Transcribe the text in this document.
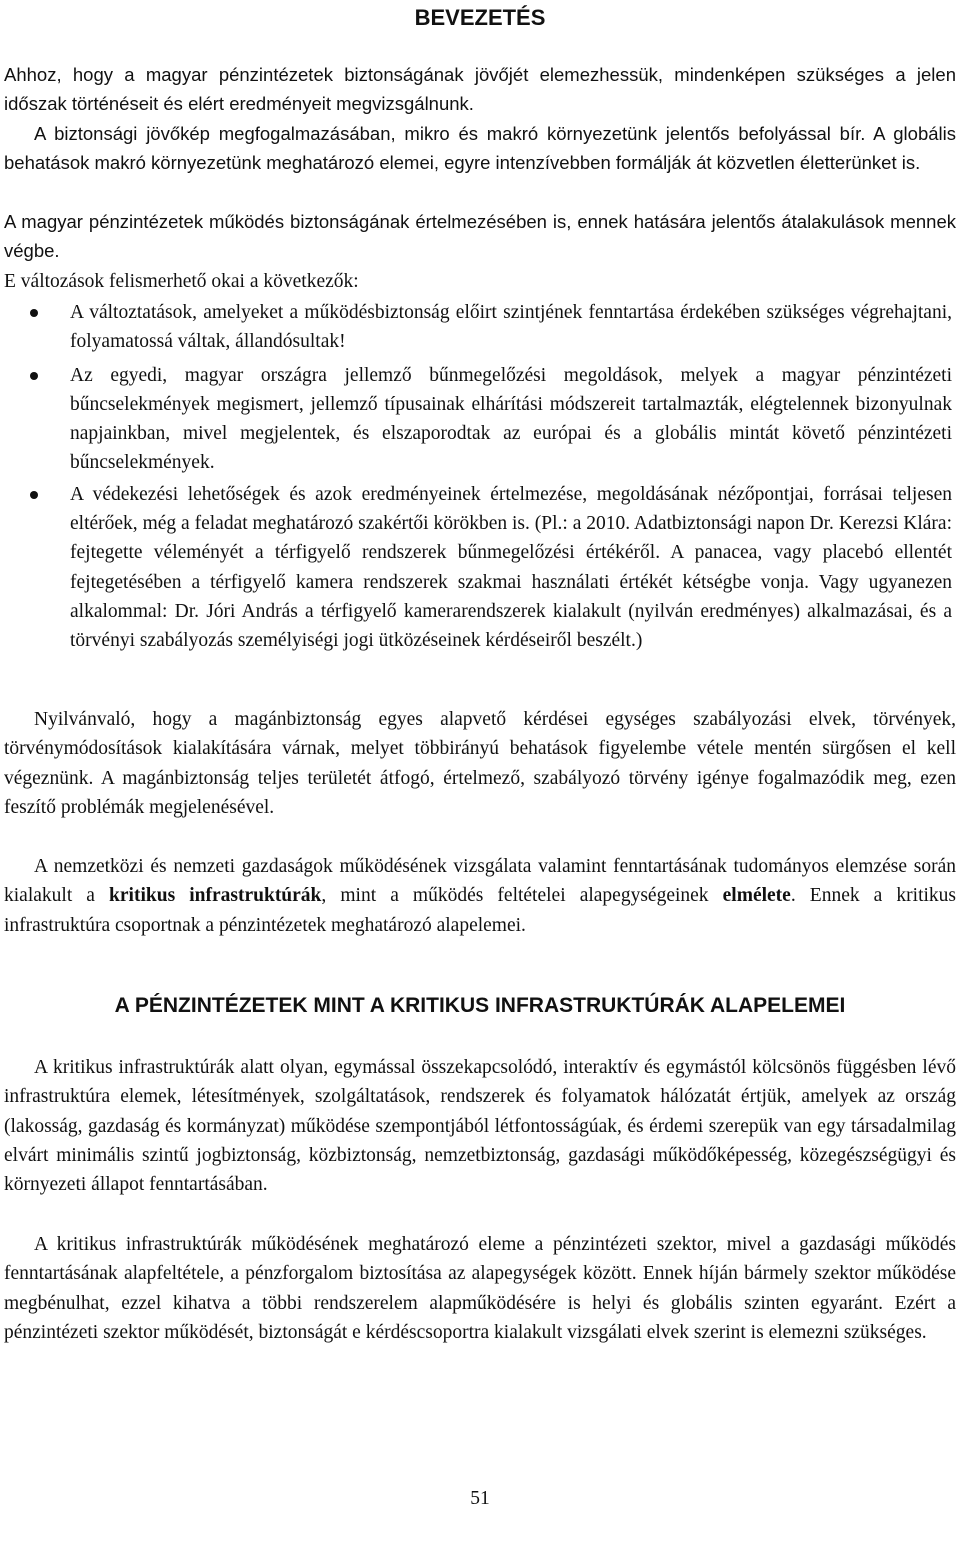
BEVEZETÉS

Ahhoz, hogy a magyar pénzintézetek biztonságának jövőjét elemezhessük, mindenképen szükséges a jelen időszak történéseit és elért eredményeit megvizsgálnunk.

A biztonsági jövőkép megfogalmazásában, mikro és makró környezetünk jelentős befolyással bír. A globális behatások makró környezetünk meghatározó elemei, egyre intenzívebben formálják át közvetlen életterünket is.

A magyar pénzintézetek működés biztonságának értelmezésében is, ennek hatására jelentős átalakulások mennek végbe.

E változások felismerhető okai a következők:

A változtatások, amelyeket a működésbiztonság előirt szintjének fenntartása érdekében szükséges végrehajtani, folyamatossá váltak, állandósultak!
Az egyedi, magyar országra jellemző bűnmegelőzési megoldások, melyek a magyar pénzintézeti bűncselekmények megismert, jellemző típusainak elhárítási módszereit tartalmazták, elégtelennek bizonyulnak napjainkban, mivel megjelentek, és elszaporodtak az európai és a globális mintát követő pénzintézeti bűncselekmények.
A védekezési lehetőségek és azok eredményeinek értelmezése, megoldásának nézőpontjai, forrásai teljesen eltérőek, még a feladat meghatározó szakértői körökben is. (Pl.: a 2010. Adatbiztonsági napon Dr. Kerezsi Klára: fejtegette véleményét a térfigyelő rendszerek bűnmegelőzési értékéről. A panacea, vagy placebó ellentét fejtegetésében a térfigyelő kamera rendszerek szakmai használati értékét kétségbe vonja. Vagy ugyanezen alkalommal: Dr. Jóri András a térfigyelő kamerarendszerek kialakult (nyilván eredményes) alkalmazásai, és a törvényi szabályozás személyiségi jogi ütközéseinek kérdéseiről beszélt.)

Nyilvánvaló, hogy a magánbiztonság egyes alapvető kérdései egységes szabályozási elvek, törvények, törvénymódosítások kialakítására várnak, melyet többirányú behatások figyelembe vétele mentén sürgősen el kell végeznünk. A magánbiztonság teljes területét átfogó, értelmező, szabályozó törvény igénye fogalmazódik meg, ezen feszítő problémák megjelenésével.

A nemzetközi és nemzeti gazdaságok működésének vizsgálata valamint fenntartásának tudományos elemzése során kialakult a kritikus infrastruktúrák, mint a működés feltételei alapegységeinek elmélete. Ennek a kritikus infrastruktúra csoportnak a pénzintézetek meghatározó alapelemei.

A PÉNZINTÉZETEK MINT A KRITIKUS INFRASTRUKTÚRÁK ALAPELEMEI

A kritikus infrastruktúrák alatt olyan, egymással összekapcsolódó, interaktív és egymástól kölcsönös függésben lévő infrastruktúra elemek, létesítmények, szolgáltatások, rendszerek és folyamatok hálózatát értjük, amelyek az ország (lakosság, gazdaság és kormányzat) működése szempontjából létfontosságúak, és érdemi szerepük van egy társadalmilag elvárt minimális szintű jogbiztonság, közbiztonság, nemzetbiztonság, gazdasági működőképesség, közegészségügyi és környezeti állapot fenntartásában.

A kritikus infrastruktúrák működésének meghatározó eleme a pénzintézeti szektor, mivel a gazdasági működés fenntartásának alapfeltétele, a pénzforgalom biztosítása az alapegységek között. Ennek híján bármely szektor működése megbénulhat, ezzel kihatva a többi rendszerelem alapműködésére is helyi és globális szinten egyaránt. Ezért a pénzintézeti szektor működését, biztonságát e kérdéscsoportra kialakult vizsgálati elvek szerint is elemezni szükséges.

51
